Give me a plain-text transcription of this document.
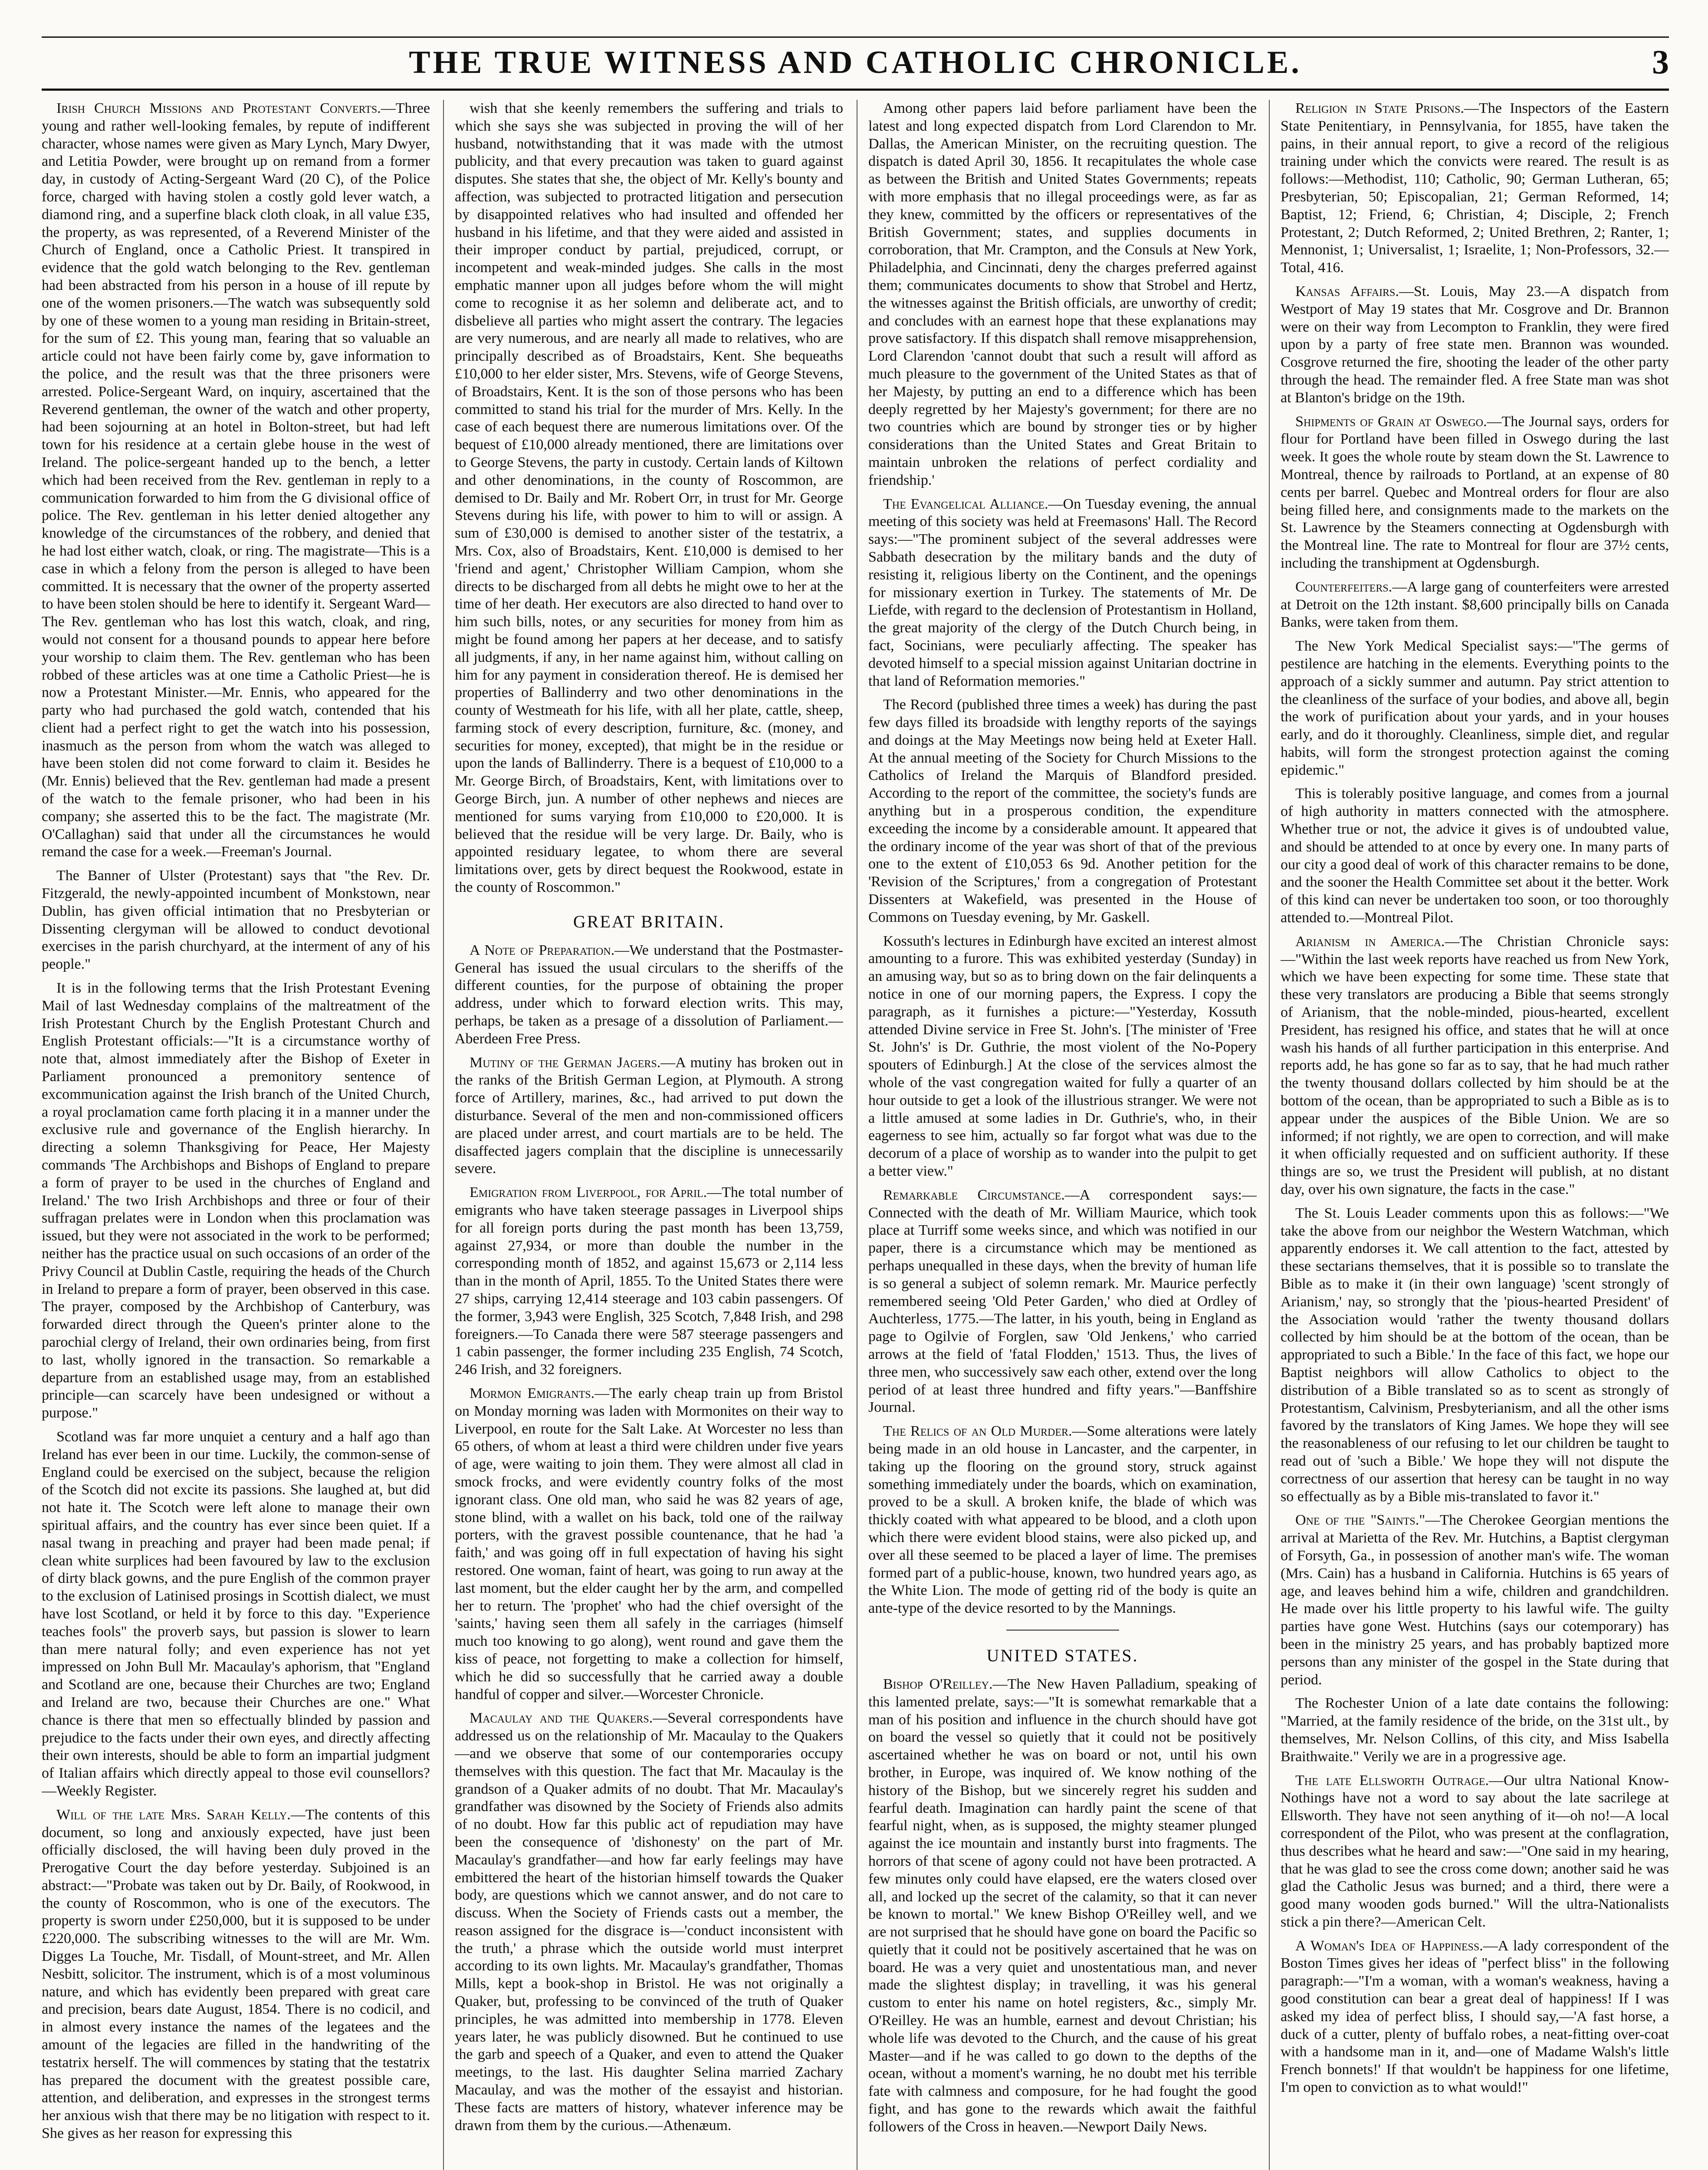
THE TRUE WITNESS AND CATHOLIC CHRONICLE.	3

Irish Church Missions and Protestant Converts.—Three young and rather well-looking females, by repute of indifferent character, whose names were given as Mary Lynch, Mary Dwyer, and Letitia Powder, were brought up on remand from a former day, in custody of Acting-Sergeant Ward (20 C), of the Police force, charged with having stolen a costly gold lever watch, a diamond ring, and a superfine black cloth cloak, in all value £35, the property, as was represented, of a Reverend Minister of the Church of England, once a Catholic Priest. It transpired in evidence that the gold watch belonging to the Rev. gentleman had been abstracted from his person in a house of ill repute by one of the women prisoners.—The watch was subsequently sold by one of these women to a young man residing in Britain-street, for the sum of £2. This young man, fearing that so valuable an article could not have been fairly come by, gave information to the police, and the result was that the three prisoners were arrested. Police-Sergeant Ward, on inquiry, ascertained that the Reverend gentleman, the owner of the watch and other property, had been sojourning at an hotel in Bolton-street, but had left town for his residence at a certain glebe house in the west of Ireland. The police-sergeant handed up to the bench, a letter which had been received from the Rev. gentleman in reply to a communication forwarded to him from the G divisional office of police. The Rev. gentleman in his letter denied altogether any knowledge of the circumstances of the robbery, and denied that he had lost either watch, cloak, or ring. The magistrate—This is a case in which a felony from the person is alleged to have been committed. It is necessary that the owner of the property asserted to have been stolen should be here to identify it. Sergeant Ward—The Rev. gentleman who has lost this watch, cloak, and ring, would not consent for a thousand pounds to appear here before your worship to claim them. The Rev. gentleman who has been robbed of these articles was at one time a Catholic Priest—he is now a Protestant Minister.—Mr. Ennis, who appeared for the party who had purchased the gold watch, contended that his client had a perfect right to get the watch into his possession, inasmuch as the person from whom the watch was alleged to have been stolen did not come forward to claim it. Besides he (Mr. Ennis) believed that the Rev. gentleman had made a present of the watch to the female prisoner, who had been in his company; she asserted this to be the fact. The magistrate (Mr. O'Callaghan) said that under all the circumstances he would remand the case for a week.—Freeman's Journal.

The Banner of Ulster (Protestant) says that "the Rev. Dr. Fitzgerald, the newly-appointed incumbent of Monkstown, near Dublin, has given official intimation that no Presbyterian or Dissenting clergyman will be allowed to conduct devotional exercises in the parish churchyard, at the interment of any of his people."

It is in the following terms that the Irish Protestant Evening Mail of last Wednesday complains of the maltreatment of the Irish Protestant Church by the English Protestant Church and English Protestant officials:—"It is a circumstance worthy of note that, almost immediately after the Bishop of Exeter in Parliament pronounced a premonitory sentence of excommunication against the Irish branch of the United Church, a royal proclamation came forth placing it in a manner under the exclusive rule and governance of the English hierarchy. In directing a solemn Thanksgiving for Peace, Her Majesty commands 'The Archbishops and Bishops of England to prepare a form of prayer to be used in the churches of England and Ireland.' The two Irish Archbishops and three or four of their suffragan prelates were in London when this proclamation was issued, but they were not associated in the work to be performed; neither has the practice usual on such occasions of an order of the Privy Council at Dublin Castle, requiring the heads of the Church in Ireland to prepare a form of prayer, been observed in this case. The prayer, composed by the Archbishop of Canterbury, was forwarded direct through the Queen's printer alone to the parochial clergy of Ireland, their own ordinaries being, from first to last, wholly ignored in the transaction. So remarkable a departure from an established usage may, from an established principle—can scarcely have been undesigned or without a purpose."

Scotland was far more unquiet a century and a half ago than Ireland has ever been in our time. Luckily, the common-sense of England could be exercised on the subject, because the religion of the Scotch did not excite its passions. She laughed at, but did not hate it. The Scotch were left alone to manage their own spiritual affairs, and the country has ever since been quiet. If a nasal twang in preaching and prayer had been made penal; if clean white surplices had been favoured by law to the exclusion of dirty black gowns, and the pure English of the common prayer to the exclusion of Latinised prosings in Scottish dialect, we must have lost Scotland, or held it by force to this day. "Experience teaches fools" the proverb says, but passion is slower to learn than mere natural folly; and even experience has not yet impressed on John Bull Mr. Macaulay's aphorism, that "England and Scotland are one, because their Churches are two; England and Ireland are two, because their Churches are one." What chance is there that men so effectually blinded by passion and prejudice to the facts under their own eyes, and directly affecting their own interests, should be able to form an impartial judgment of Italian affairs which directly appeal to those evil counsellors?—Weekly Register.

Will of the late Mrs. Sarah Kelly.—The contents of this document, so long and anxiously expected, have just been officially disclosed, the will having been duly proved in the Prerogative Court the day before yesterday. Subjoined is an abstract:—"Probate was taken out by Dr. Baily, of Rookwood, in the county of Roscommon, who is one of the executors. The property is sworn under £250,000, but it is supposed to be under £220,000. The subscribing witnesses to the will are Mr. Wm. Digges La Touche, Mr. Tisdall, of Mount-street, and Mr. Allen Nesbitt, solicitor. The instrument, which is of a most voluminous nature, and which has evidently been prepared with great care and precision, bears date August, 1854. There is no codicil, and in almost every instance the names of the legatees and the amount of the legacies are filled in the handwriting of the testatrix herself. The will commences by stating that the testatrix has prepared the document with the greatest possible care, attention, and deliberation, and expresses in the strongest terms her anxious wish that there may be no litigation with respect to it. She gives as her reason for expressing this

wish that she keenly remembers the suffering and trials to which she says she was subjected in proving the will of her husband, notwithstanding that it was made with the utmost publicity, and that every precaution was taken to guard against disputes. She states that she, the object of Mr. Kelly's bounty and affection, was subjected to protracted litigation and persecution by disappointed relatives who had insulted and offended her husband in his lifetime, and that they were aided and assisted in their improper conduct by partial, prejudiced, corrupt, or incompetent and weak-minded judges. She calls in the most emphatic manner upon all judges before whom the will might come to recognise it as her solemn and deliberate act, and to disbelieve all parties who might assert the contrary. The legacies are very numerous, and are nearly all made to relatives, who are principally described as of Broadstairs, Kent. She bequeaths £10,000 to her elder sister, Mrs. Stevens, wife of George Stevens, of Broadstairs, Kent. It is the son of those persons who has been committed to stand his trial for the murder of Mrs. Kelly. In the case of each bequest there are numerous limitations over. Of the bequest of £10,000 already mentioned, there are limitations over to George Stevens, the party in custody. Certain lands of Kiltown and other denominations, in the county of Roscommon, are demised to Dr. Baily and Mr. Robert Orr, in trust for Mr. George Stevens during his life, with power to him to will or assign. A sum of £30,000 is demised to another sister of the testatrix, a Mrs. Cox, also of Broadstairs, Kent. £10,000 is demised to her 'friend and agent,' Christopher William Campion, whom she directs to be discharged from all debts he might owe to her at the time of her death. Her executors are also directed to hand over to him such bills, notes, or any securities for money from him as might be found among her papers at her decease, and to satisfy all judgments, if any, in her name against him, without calling on him for any payment in consideration thereof. He is demised her properties of Ballinderry and two other denominations in the county of Westmeath for his life, with all her plate, cattle, sheep, farming stock of every description, furniture, &c. (money, and securities for money, excepted), that might be in the residue or upon the lands of Ballinderry. There is a bequest of £10,000 to a Mr. George Birch, of Broadstairs, Kent, with limitations over to George Birch, jun. A number of other nephews and nieces are mentioned for sums varying from £10,000 to £20,000. It is believed that the residue will be very large. Dr. Baily, who is appointed residuary legatee, to whom there are several limitations over, gets by direct bequest the Rookwood, estate in the county of Roscommon."

GREAT BRITAIN.

A Note of Preparation.—We understand that the Postmaster-General has issued the usual circulars to the sheriffs of the different counties, for the purpose of obtaining the proper address, under which to forward election writs. This may, perhaps, be taken as a presage of a dissolution of Parliament.—Aberdeen Free Press.

Mutiny of the German Jagers.—A mutiny has broken out in the ranks of the British German Legion, at Plymouth. A strong force of Artillery, marines, &c., had arrived to put down the disturbance. Several of the men and non-commissioned officers are placed under arrest, and court martials are to be held. The disaffected jagers complain that the discipline is unnecessarily severe.

Emigration from Liverpool, for April.—The total number of emigrants who have taken steerage passages in Liverpool ships for all foreign ports during the past month has been 13,759, against 27,934, or more than double the number in the corresponding month of 1852, and against 15,673 or 2,114 less than in the month of April, 1855. To the United States there were 27 ships, carrying 12,414 steerage and 103 cabin passengers. Of the former, 3,943 were English, 325 Scotch, 7,848 Irish, and 298 foreigners.—To Canada there were 587 steerage passengers and 1 cabin passenger, the former including 235 English, 74 Scotch, 246 Irish, and 32 foreigners.

Mormon Emigrants.—The early cheap train up from Bristol on Monday morning was laden with Mormonites on their way to Liverpool, en route for the Salt Lake. At Worcester no less than 65 others, of whom at least a third were children under five years of age, were waiting to join them. They were almost all clad in smock frocks, and were evidently country folks of the most ignorant class. One old man, who said he was 82 years of age, stone blind, with a wallet on his back, told one of the railway porters, with the gravest possible countenance, that he had 'a faith,' and was going off in full expectation of having his sight restored. One woman, faint of heart, was going to run away at the last moment, but the elder caught her by the arm, and compelled her to return. The 'prophet' who had the chief oversight of the 'saints,' having seen them all safely in the carriages (himself much too knowing to go along), went round and gave them the kiss of peace, not forgetting to make a collection for himself, which he did so successfully that he carried away a double handful of copper and silver.—Worcester Chronicle.

Macaulay and the Quakers.—Several correspondents have addressed us on the relationship of Mr. Macaulay to the Quakers—and we observe that some of our contemporaries occupy themselves with this question. The fact that Mr. Macaulay is the grandson of a Quaker admits of no doubt. That Mr. Macaulay's grandfather was disowned by the Society of Friends also admits of no doubt. How far this public act of repudiation may have been the consequence of 'dishonesty' on the part of Mr. Macaulay's grandfather—and how far early feelings may have embittered the heart of the historian himself towards the Quaker body, are questions which we cannot answer, and do not care to discuss. When the Society of Friends casts out a member, the reason assigned for the disgrace is—'conduct inconsistent with the truth,' a phrase which the outside world must interpret according to its own lights. Mr. Macaulay's grandfather, Thomas Mills, kept a book-shop in Bristol. He was not originally a Quaker, but, professing to be convinced of the truth of Quaker principles, he was admitted into membership in 1778. Eleven years later, he was publicly disowned. But he continued to use the garb and speech of a Quaker, and even to attend the Quaker meetings, to the last. His daughter Selina married Zachary Macaulay, and was the mother of the essayist and historian. These facts are matters of history, whatever inference may be drawn from them by the curious.—Athenæum.

Among other papers laid before parliament have been the latest and long expected dispatch from Lord Clarendon to Mr. Dallas, the American Minister, on the recruiting question. The dispatch is dated April 30, 1856. It recapitulates the whole case as between the British and United States Governments; repeats with more emphasis that no illegal proceedings were, as far as they knew, committed by the officers or representatives of the British Government; states, and supplies documents in corroboration, that Mr. Crampton, and the Consuls at New York, Philadelphia, and Cincinnati, deny the charges preferred against them; communicates documents to show that Strobel and Hertz, the witnesses against the British officials, are unworthy of credit; and concludes with an earnest hope that these explanations may prove satisfactory. If this dispatch shall remove misapprehension, Lord Clarendon 'cannot doubt that such a result will afford as much pleasure to the government of the United States as that of her Majesty, by putting an end to a difference which has been deeply regretted by her Majesty's government; for there are no two countries which are bound by stronger ties or by higher considerations than the United States and Great Britain to maintain unbroken the relations of perfect cordiality and friendship.'

The Evangelical Alliance.—On Tuesday evening, the annual meeting of this society was held at Freemasons' Hall. The Record says:—"The prominent subject of the several addresses were Sabbath desecration by the military bands and the duty of resisting it, religious liberty on the Continent, and the openings for missionary exertion in Turkey. The statements of Mr. De Liefde, with regard to the declension of Protestantism in Holland, the great majority of the clergy of the Dutch Church being, in fact, Socinians, were peculiarly affecting. The speaker has devoted himself to a special mission against Unitarian doctrine in that land of Reformation memories."

The Record (published three times a week) has during the past few days filled its broadside with lengthy reports of the sayings and doings at the May Meetings now being held at Exeter Hall. At the annual meeting of the Society for Church Missions to the Catholics of Ireland the Marquis of Blandford presided. According to the report of the committee, the society's funds are anything but in a prosperous condition, the expenditure exceeding the income by a considerable amount. It appeared that the ordinary income of the year was short of that of the previous one to the extent of £10,053 6s 9d. Another petition for the 'Revision of the Scriptures,' from a congregation of Protestant Dissenters at Wakefield, was presented in the House of Commons on Tuesday evening, by Mr. Gaskell.

Kossuth's lectures in Edinburgh have excited an interest almost amounting to a furore. This was exhibited yesterday (Sunday) in an amusing way, but so as to bring down on the fair delinquents a notice in one of our morning papers, the Express. I copy the paragraph, as it furnishes a picture:—"Yesterday, Kossuth attended Divine service in Free St. John's. [The minister of 'Free St. John's' is Dr. Guthrie, the most violent of the No-Popery spouters of Edinburgh.] At the close of the services almost the whole of the vast congregation waited for fully a quarter of an hour outside to get a look of the illustrious stranger. We were not a little amused at some ladies in Dr. Guthrie's, who, in their eagerness to see him, actually so far forgot what was due to the decorum of a place of worship as to wander into the pulpit to get a better view."

Remarkable Circumstance.—A correspondent says:—Connected with the death of Mr. William Maurice, which took place at Turriff some weeks since, and which was notified in our paper, there is a circumstance which may be mentioned as perhaps unequalled in these days, when the brevity of human life is so general a subject of solemn remark. Mr. Maurice perfectly remembered seeing 'Old Peter Garden,' who died at Ordley of Auchterless, 1775.—The latter, in his youth, being in England as page to Ogilvie of Forglen, saw 'Old Jenkens,' who carried arrows at the field of 'fatal Flodden,' 1513. Thus, the lives of three men, who successively saw each other, extend over the long period of at least three hundred and fifty years."—Banffshire Journal.

The Relics of an Old Murder.—Some alterations were lately being made in an old house in Lancaster, and the carpenter, in taking up the flooring on the ground story, struck against something immediately under the boards, which on examination, proved to be a skull. A broken knife, the blade of which was thickly coated with what appeared to be blood, and a cloth upon which there were evident blood stains, were also picked up, and over all these seemed to be placed a layer of lime. The premises formed part of a public-house, known, two hundred years ago, as the White Lion. The mode of getting rid of the body is quite an ante-type of the device resorted to by the Mannings.

UNITED STATES.

Bishop O'Reilley.—The New Haven Palladium, speaking of this lamented prelate, says:—"It is somewhat remarkable that a man of his position and influence in the church should have got on board the vessel so quietly that it could not be positively ascertained whether he was on board or not, until his own brother, in Europe, was inquired of. We know nothing of the history of the Bishop, but we sincerely regret his sudden and fearful death. Imagination can hardly paint the scene of that fearful night, when, as is supposed, the mighty steamer plunged against the ice mountain and instantly burst into fragments. The horrors of that scene of agony could not have been protracted. A few minutes only could have elapsed, ere the waters closed over all, and locked up the secret of the calamity, so that it can never be known to mortal." We knew Bishop O'Reilley well, and we are not surprised that he should have gone on board the Pacific so quietly that it could not be positively ascertained that he was on board. He was a very quiet and unostentatious man, and never made the slightest display; in travelling, it was his general custom to enter his name on hotel registers, &c., simply Mr. O'Reilley. He was an humble, earnest and devout Christian; his whole life was devoted to the Church, and the cause of his great Master—and if he was called to go down to the depths of the ocean, without a moment's warning, he no doubt met his terrible fate with calmness and composure, for he had fought the good fight, and has gone to the rewards which await the faithful followers of the Cross in heaven.—Newport Daily News.

Religion in State Prisons.—The Inspectors of the Eastern State Penitentiary, in Pennsylvania, for 1855, have taken the pains, in their annual report, to give a record of the religious training under which the convicts were reared. The result is as follows:—Methodist, 110; Catholic, 90; German Lutheran, 65; Presbyterian, 50; Episcopalian, 21; German Reformed, 14; Baptist, 12; Friend, 6; Christian, 4; Disciple, 2; French Protestant, 2; Dutch Reformed, 2; United Brethren, 2; Ranter, 1; Mennonist, 1; Universalist, 1; Israelite, 1; Non-Professors, 32.—Total, 416.

Kansas Affairs.—St. Louis, May 23.—A dispatch from Westport of May 19 states that Mr. Cosgrove and Dr. Brannon were on their way from Lecompton to Franklin, they were fired upon by a party of free state men. Brannon was wounded. Cosgrove returned the fire, shooting the leader of the other party through the head. The remainder fled. A free State man was shot at Blanton's bridge on the 19th.

Shipments of Grain at Oswego.—The Journal says, orders for flour for Portland have been filled in Oswego during the last week. It goes the whole route by steam down the St. Lawrence to Montreal, thence by railroads to Portland, at an expense of 80 cents per barrel. Quebec and Montreal orders for flour are also being filled here, and consignments made to the markets on the St. Lawrence by the Steamers connecting at Ogdensburgh with the Montreal line. The rate to Montreal for flour are 37½ cents, including the transhipment at Ogdensburgh.

Counterfeiters.—A large gang of counterfeiters were arrested at Detroit on the 12th instant. $8,600 principally bills on Canada Banks, were taken from them.

The New York Medical Specialist says:—"The germs of pestilence are hatching in the elements. Everything points to the approach of a sickly summer and autumn. Pay strict attention to the cleanliness of the surface of your bodies, and above all, begin the work of purification about your yards, and in your houses early, and do it thoroughly. Cleanliness, simple diet, and regular habits, will form the strongest protection against the coming epidemic."

This is tolerably positive language, and comes from a journal of high authority in matters connected with the atmosphere. Whether true or not, the advice it gives is of undoubted value, and should be attended to at once by every one. In many parts of our city a good deal of work of this character remains to be done, and the sooner the Health Committee set about it the better. Work of this kind can never be undertaken too soon, or too thoroughly attended to.—Montreal Pilot.

Arianism in America.—The Christian Chronicle says:—"Within the last week reports have reached us from New York, which we have been expecting for some time. These state that these very translators are producing a Bible that seems strongly of Arianism, that the noble-minded, pious-hearted, excellent President, has resigned his office, and states that he will at once wash his hands of all further participation in this enterprise. And reports add, he has gone so far as to say, that he had much rather the twenty thousand dollars collected by him should be at the bottom of the ocean, than be appropriated to such a Bible as is to appear under the auspices of the Bible Union. We are so informed; if not rightly, we are open to correction, and will make it when officially requested and on sufficient authority. If these things are so, we trust the President will publish, at no distant day, over his own signature, the facts in the case."

The St. Louis Leader comments upon this as follows:—"We take the above from our neighbor the Western Watchman, which apparently endorses it. We call attention to the fact, attested by these sectarians themselves, that it is possible so to translate the Bible as to make it (in their own language) 'scent strongly of Arianism,' nay, so strongly that the 'pious-hearted President' of the Association would 'rather the twenty thousand dollars collected by him should be at the bottom of the ocean, than be appropriated to such a Bible.' In the face of this fact, we hope our Baptist neighbors will allow Catholics to object to the distribution of a Bible translated so as to scent as strongly of Protestantism, Calvinism, Presbyterianism, and all the other isms favored by the translators of King James. We hope they will see the reasonableness of our refusing to let our children be taught to read out of 'such a Bible.' We hope they will not dispute the correctness of our assertion that heresy can be taught in no way so effectually as by a Bible mis-translated to favor it."

One of the "Saints."—The Cherokee Georgian mentions the arrival at Marietta of the Rev. Mr. Hutchins, a Baptist clergyman of Forsyth, Ga., in possession of another man's wife. The woman (Mrs. Cain) has a husband in California. Hutchins is 65 years of age, and leaves behind him a wife, children and grandchildren. He made over his little property to his lawful wife. The guilty parties have gone West. Hutchins (says our cotemporary) has been in the ministry 25 years, and has probably baptized more persons than any minister of the gospel in the State during that period.

The Rochester Union of a late date contains the following: "Married, at the family residence of the bride, on the 31st ult., by themselves, Mr. Nelson Collins, of this city, and Miss Isabella Braithwaite." Verily we are in a progressive age.

The late Ellsworth Outrage.—Our ultra National Know-Nothings have not a word to say about the late sacrilege at Ellsworth. They have not seen anything of it—oh no!—A local correspondent of the Pilot, who was present at the conflagration, thus describes what he heard and saw:—"One said in my hearing, that he was glad to see the cross come down; another said he was glad the Catholic Jesus was burned; and a third, there were a good many wooden gods burned." Will the ultra-Nationalists stick a pin there?—American Celt.

A Woman's Idea of Happiness.—A lady correspondent of the Boston Times gives her ideas of "perfect bliss" in the following paragraph:—"I'm a woman, with a woman's weakness, having a good constitution can bear a great deal of happiness! If I was asked my idea of perfect bliss, I should say,—'A fast horse, a duck of a cutter, plenty of buffalo robes, a neat-fitting over-coat with a handsome man in it, and—one of Madame Walsh's little French bonnets!' If that wouldn't be happiness for one lifetime, I'm open to conviction as to what would!"
